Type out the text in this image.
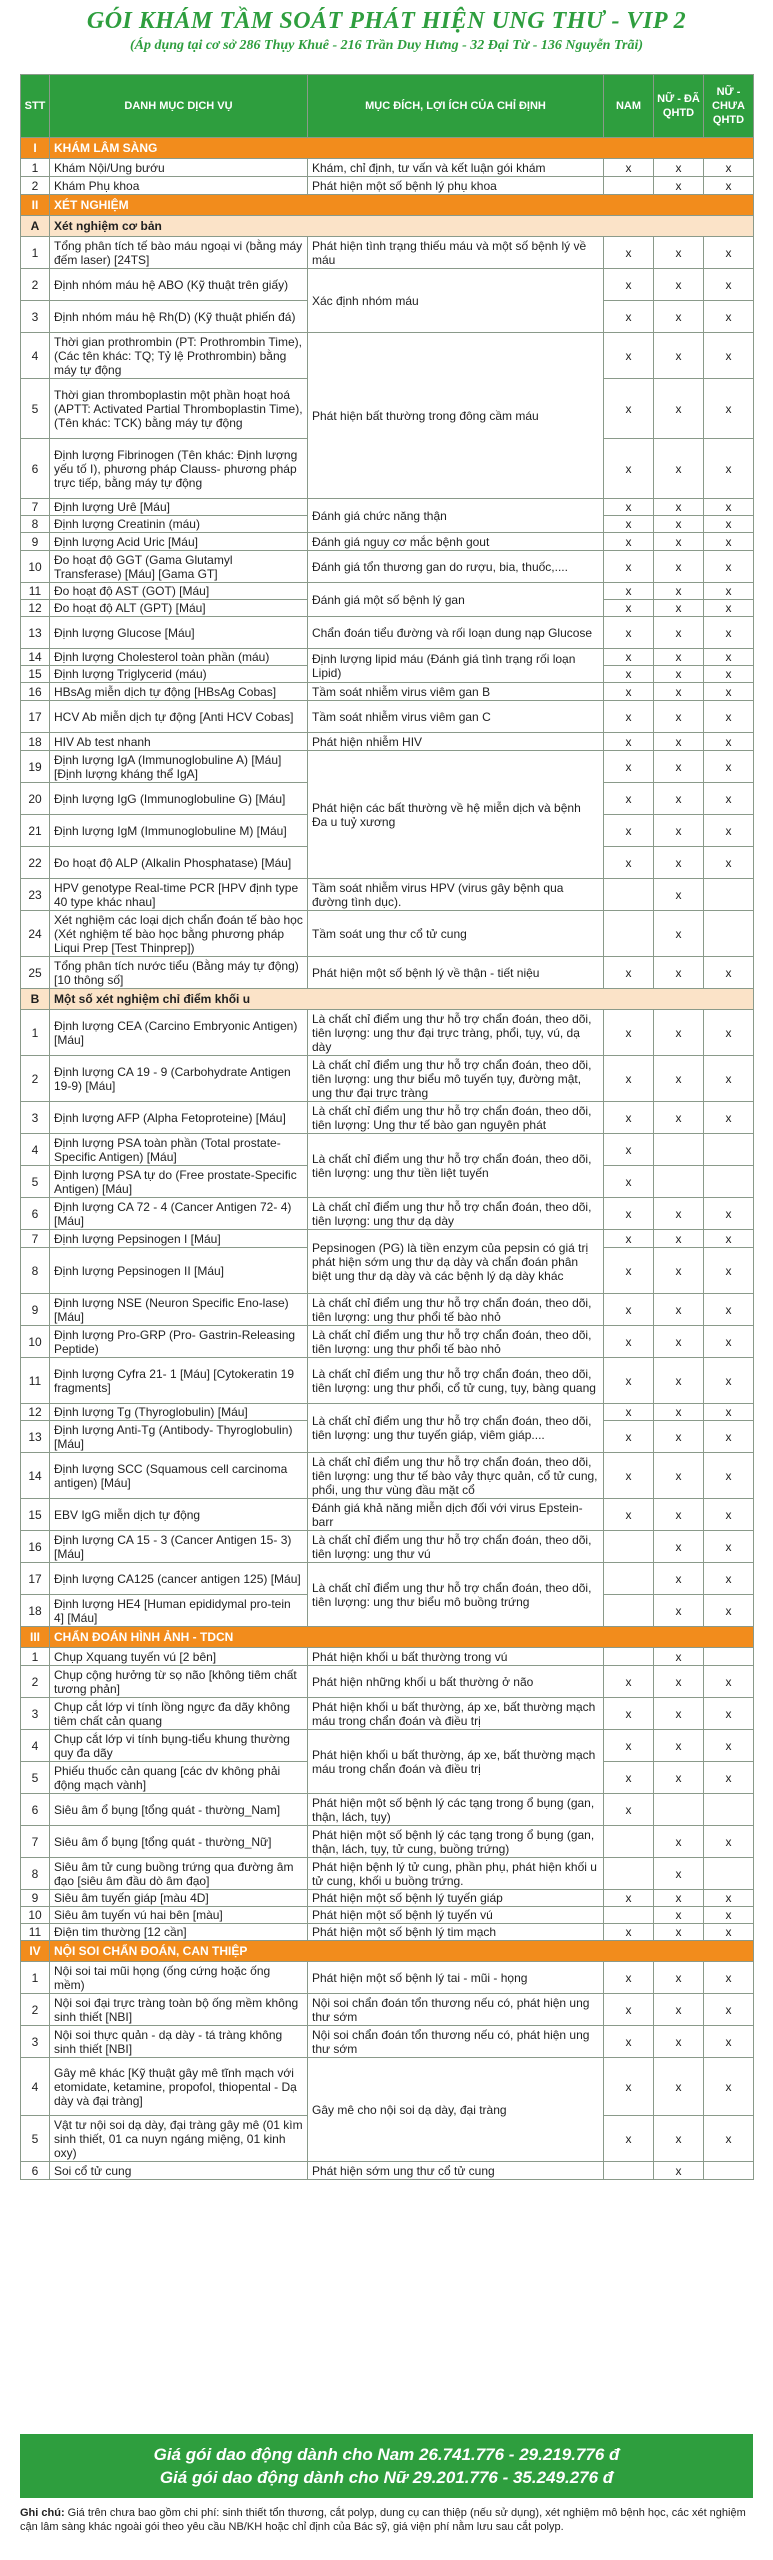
GÓI KHÁM TẦM SOÁT PHÁT HIỆN UNG THƯ - VIP 2
(Áp dụng tại cơ sở 286 Thụy Khuê - 216 Trần Duy Hưng - 32 Đại Từ - 136 Nguyễn Trãi)
STT	DANH MỤC DỊCH VỤ	MỤC ĐÍCH, LỢI ÍCH CỦA CHỈ ĐỊNH	NAM	NỮ - ĐÃ QHTD	NỮ - CHƯA QHTD
I	KHÁM LÂM SÀNG				
1	Khám Nội/Ung bướu	Khám, chỉ định, tư vấn và kết luận gói khám	x	x	x
2	Khám Phụ khoa	Phát hiện một số bệnh lý phụ khoa		x	x
II	XÉT NGHIỆM				
A	Xét nghiệm cơ bản				
1	Tổng phân tích tế bào máu ngoại vi (bằng máy đếm laser) [24TS]	Phát hiện tình trạng thiếu máu và một số bệnh lý về máu	x	x	x
2	Định nhóm máu hệ ABO (Kỹ thuật trên giấy)	Xác định nhóm máu	x	x	x
3	Định nhóm máu hệ Rh(D) (Kỹ thuật phiến đá)		x	x	x
4	Thời gian prothrombin (PT: Prothrombin Time), (Các tên khác: TQ; Tỷ lệ Prothrombin) bằng máy tự động	Phát hiện bất thường trong đông cầm máu	x	x	x
5	Thời gian thromboplastin một phần hoạt hoá (APTT: Activated Partial Thromboplastin Time), (Tên khác: TCK) bằng máy tự động		x	x	x
6	Định lượng Fibrinogen (Tên khác: Định lượng yếu tố I), phương pháp Clauss- phương pháp trực tiếp, bằng máy tự động		x	x	x
7	Định lượng Urê [Máu]	Đánh giá chức năng thận	x	x	x
8	Định lượng Creatinin (máu)		x	x	x
9	Định lượng Acid Uric [Máu]	Đánh giá nguy cơ mắc bệnh gout	x	x	x
10	Đo hoạt độ GGT (Gama Glutamyl Transferase) [Máu] [Gama GT]	Đánh giá tổn thương gan do rượu, bia, thuốc,....	x	x	x
11	Đo hoạt độ AST (GOT) [Máu]	Đánh giá một số bệnh lý gan	x	x	x
12	Đo hoạt độ ALT (GPT) [Máu]		x	x	x
13	Định lượng Glucose [Máu]	Chẩn đoán tiểu đường và rối loạn dung nạp Glucose	x	x	x
14	Định lượng Cholesterol toàn phần (máu)	Định lượng lipid máu (Đánh giá tình trạng rối loạn Lipid)	x	x	x
15	Định lượng Triglycerid (máu)		x	x	x
16	HBsAg miễn dịch tự động [HBsAg Cobas]	Tầm soát nhiễm virus viêm gan B	x	x	x
17	HCV Ab miễn dịch tự động [Anti HCV Cobas]	Tầm soát nhiễm virus viêm gan C	x	x	x
18	HIV Ab test nhanh	Phát hiện nhiễm HIV	x	x	x
19	Định lượng IgA (Immunoglobuline A) [Máu] [Định lượng kháng thể IgA]	Phát hiện các bất thường về hệ miễn dịch và bệnh Đa u tuỷ xương	x	x	x
20	Định lượng IgG (Immunoglobuline G) [Máu]		x	x	x
21	Định lượng IgM (Immunoglobuline M) [Máu]		x	x	x
22	Đo hoạt độ ALP (Alkalin Phosphatase) [Máu]		x	x	x
23	HPV genotype Real-time PCR [HPV định type 40 type khác nhau]	Tầm soát nhiễm virus HPV (virus gây bệnh qua đường tình dục).		x	
24	Xét nghiệm các loại dịch chẩn đoán tế bào học (Xét nghiệm tế bào học bằng phương pháp Liqui Prep [Test Thinprep])	Tầm soát ung thư cổ tử cung		x	
25	Tổng phân tích nước tiểu (Bằng máy tự động) [10 thông số]	Phát hiện một số bệnh lý về thận - tiết niệu	x	x	x
B	Một số xét nghiệm chỉ điểm khối u				
1	Định lượng CEA (Carcino Embryonic Antigen) [Máu]	Là chất chỉ điểm ung thư hỗ trợ chẩn đoán, theo dõi, tiên lượng: ung thư đại trực tràng, phổi, tụy, vú, dạ dày	x	x	x
2	Định lượng CA 19 - 9 (Carbohydrate Antigen 19-9) [Máu]	Là chất chỉ điểm ung thư hỗ trợ chẩn đoán, theo dõi, tiên lượng: ung thư biểu mô tuyến tụy, đường mật, ung thư đại trực tràng	x	x	x
3	Định lượng AFP (Alpha Fetoproteine) [Máu]	Là chất chỉ điểm ung thư hỗ trợ chẩn đoán, theo dõi, tiên lượng: Ung thư tế bào gan nguyên phát	x	x	x
4	Định lượng PSA toàn phần (Total prostate-Specific Antigen) [Máu]	Là chất chỉ điểm ung thư hỗ trợ chẩn đoán, theo dõi, tiên lượng: ung thư tiền liệt tuyến	x		
5	Định lượng PSA tự do (Free prostate-Specific Antigen) [Máu]		x		
6	Định lượng CA 72 - 4 (Cancer Antigen 72- 4) [Máu]	Là chất chỉ điểm ung thư hỗ trợ chẩn đoán, theo dõi, tiên lượng: ung thư dạ dày	x	x	x
7	Định lượng Pepsinogen I [Máu]	Pepsinogen (PG) là tiền enzym của pepsin có giá trị phát hiện sớm ung thư dạ dày và chẩn đoán phân biệt ung thư dạ dày và các bệnh lý dạ dày khác	x	x	x
8	Định lượng Pepsinogen II [Máu]		x	x	x
9	Định lượng NSE (Neuron Specific Eno-lase) [Máu]	Là chất chỉ điểm ung thư hỗ trợ chẩn đoán, theo dõi, tiên lượng: ung thư phổi tế bào nhỏ	x	x	x
10	Định lượng Pro-GRP (Pro- Gastrin-Releasing Peptide)	Là chất chỉ điểm ung thư hỗ trợ chẩn đoán, theo dõi, tiên lượng: ung thư phổi tế bào nhỏ	x	x	x
11	Định lượng Cyfra 21- 1 [Máu] [Cytokeratin 19 fragments]	Là chất chỉ điểm ung thư hỗ trợ chẩn đoán, theo dõi, tiên lượng: ung thư phổi, cổ tử cung, tụy, bàng quang	x	x	x
12	Định lượng Tg (Thyroglobulin) [Máu]	Là chất chỉ điểm ung thư hỗ trợ chẩn đoán, theo dõi, tiên lượng: ung thư tuyến giáp, viêm giáp....	x	x	x
13	Định lượng Anti-Tg (Antibody- Thyroglobulin) [Máu]		x	x	x
14	Định lượng SCC (Squamous cell carcinoma antigen) [Máu]	Là chất chỉ điểm ung thư hỗ trợ chẩn đoán, theo dõi, tiên lượng: ung thư tế bào vảy thực quản, cổ tử cung, phổi, ung thư vùng đầu mặt cổ	x	x	x
15	EBV IgG miễn dịch tự động	Đánh giá khả năng miễn dịch đối với virus Epstein-barr	x	x	x
16	Định lượng CA 15 - 3 (Cancer Antigen 15- 3) [Máu]	Là chất chỉ điểm ung thư hỗ trợ chẩn đoán, theo dõi, tiên lượng: ung thư vú		x	x
17	Định lượng CA125 (cancer antigen 125) [Máu]	Là chất chỉ điểm ung thư hỗ trợ chẩn đoán, theo dõi, tiên lượng: ung thư biểu mô buồng trứng		x	x
18	Định lượng HE4 [Human epididymal pro-tein 4] [Máu]			x	x
III	CHẨN ĐOÁN HÌNH ẢNH - TDCN				
1	Chụp Xquang tuyến vú [2 bên]	Phát hiện khối u bất thường trong vú		x	
2	Chụp cộng hưởng từ sọ não [không tiêm chất tương phản]	Phát hiện những khối u bất thường ở não	x	x	x
3	Chụp cắt lớp vi tính lồng ngực đa dãy không tiêm chất cản quang	Phát hiện khối u bất thường, áp xe, bất thường mạch máu trong chẩn đoán và điều trị	x	x	x
4	Chụp cắt lớp vi tính bụng-tiểu khung thường quy đa dãy	Phát hiện khối u bất thường, áp xe, bất thường mạch máu trong chẩn đoán và điều trị	x	x	x
5	Phiếu thuốc cản quang [các dv không phải động mạch vành]		x	x	x
6	Siêu âm ổ bụng [tổng quát - thường_Nam]	Phát hiện một số bệnh lý các tạng trong ổ bụng (gan, thận, lách, tụy)	x		
7	Siêu âm ổ bụng [tổng quát - thường_Nữ]	Phát hiện một số bệnh lý các tạng trong ổ bụng (gan, thận, lách, tụy, tử cung, buồng trứng)		x	x
8	Siêu âm tử cung buồng trứng qua đường âm đạo [siêu âm đầu dò âm đạo]	Phát hiện bệnh lý tử cung, phần phụ, phát hiện khối u tử cung, khối u buồng trứng.		x	
9	Siêu âm tuyến giáp [màu 4D]	Phát hiện một số bệnh lý tuyến giáp	x	x	x
10	Siêu âm tuyến vú hai bên [màu]	Phát hiện một số bệnh lý tuyến vú		x	x
11	Điện tim thường [12 cần]	Phát hiện một số bệnh lý tim mạch	x	x	x
IV	NỘI SOI CHẨN ĐOÁN, CAN THIỆP				
1	Nội soi tai mũi họng (ống cứng hoặc ống mềm)	Phát hiện một số bệnh lý tai - mũi - họng	x	x	x
2	Nội soi đại trực tràng toàn bộ ống mềm không sinh thiết [NBI]	Nội soi chẩn đoán tổn thương nếu có, phát hiện ung thư sớm	x	x	x
3	Nội soi thực quản - dạ dày - tá tràng không sinh thiết [NBI]	Nội soi chẩn đoán tổn thương nếu có, phát hiện ung thư sớm	x	x	x
4	Gây mê khác [Kỹ thuật gây mê tĩnh mạch với etomidate, ketamine, propofol, thiopental - Dạ dày và đại tràng]	Gây mê cho nội soi dạ dày, đại tràng	x	x	x
5	Vật tư nội soi dạ dày, đại tràng gây mê (01 kìm sinh thiết, 01 ca nuyn ngáng miệng, 01 kinh oxy)		x	x	x
6	Soi cổ tử cung	Phát hiện sớm ung thư cổ tử cung		x	
Giá gói dao động dành cho Nam 26.741.776 - 29.219.776 đ
Giá gói dao động dành cho Nữ 29.201.776 - 35.249.276 đ
Ghi chú: Giá trên chưa bao gồm chi phí: sinh thiết tổn thương, cắt polyp, dung cụ can thiệp (nếu sử dụng), xét nghiệm mô bệnh học, các xét nghiệm cận lâm sàng khác ngoài gói theo yêu cầu NB/KH hoặc chỉ định của Bác sỹ, giá viện phí nằm lưu sau cắt polyp.
